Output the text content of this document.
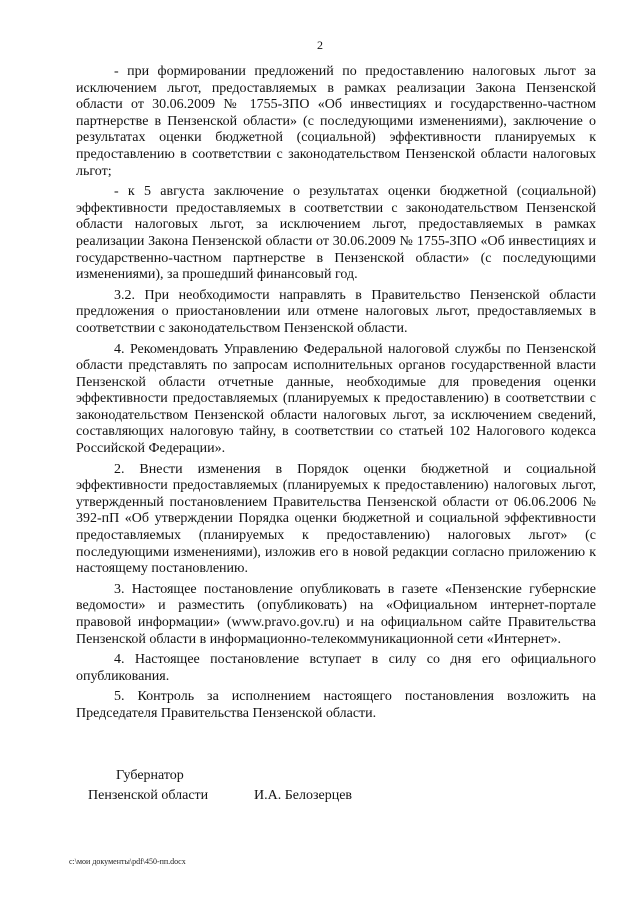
2

- при формировании предложений по предоставлению налоговых льгот за исключением льгот, предоставляемых в рамках реализации Закона Пензенской области от 30.06.2009 № 1755-ЗПО «Об инвестициях и государственно-частном партнерстве в Пензенской области» (с последующими изменениями), заключение о результатах оценки бюджетной (социальной) эффективности планируемых к предоставлению в соответствии с законодательством Пензенской области налоговых льгот;

- к 5 августа заключение о результатах оценки бюджетной (социальной) эффективности предоставляемых в соответствии с законодательством Пензенской области налоговых льгот, за исключением льгот, предоставляемых в рамках реализации Закона Пензенской области от 30.06.2009 № 1755-ЗПО «Об инвестициях и государственно-частном партнерстве в Пензенской области» (с последующими изменениями), за прошедший финансовый год.

3.2. При необходимости направлять в Правительство Пензенской области предложения о приостановлении или отмене налоговых льгот, предоставляемых в соответствии с законодательством Пензенской области.

4. Рекомендовать Управлению Федеральной налоговой службы по Пензенской области представлять по запросам исполнительных органов государственной власти Пензенской области отчетные данные, необходимые для проведения оценки эффективности предоставляемых (планируемых к предоставлению) в соответствии с законодательством Пензенской области налоговых льгот, за исключением сведений, составляющих налоговую тайну, в соответствии со статьей 102 Налогового кодекса Российской Федерации».

2. Внести изменения в Порядок оценки бюджетной и социальной эффективности предоставляемых (планируемых к предоставлению) налоговых льгот, утвержденный постановлением Правительства Пензенской области от 06.06.2006 № 392-пП «Об утверждении Порядка оценки бюджетной и социальной эффективности предоставляемых (планируемых к предоставлению) налоговых льгот» (с последующими изменениями), изложив его в новой редакции согласно приложению к настоящему постановлению.

3. Настоящее постановление опубликовать в газете «Пензенские губернские ведомости» и разместить (опубликовать) на «Официальном интернет-портале правовой информации» (www.pravo.gov.ru) и на официальном сайте Правительства Пензенской области в информационно-телекоммуникационной сети «Интернет».

4. Настоящее постановление вступает в силу со дня его официального опубликования.

5. Контроль за исполнением настоящего постановления возложить на Председателя Правительства Пензенской области.

Губернатор
Пензенской области	И.А. Белозерцев
c:\мои документы\pdf\450-пп.docx
